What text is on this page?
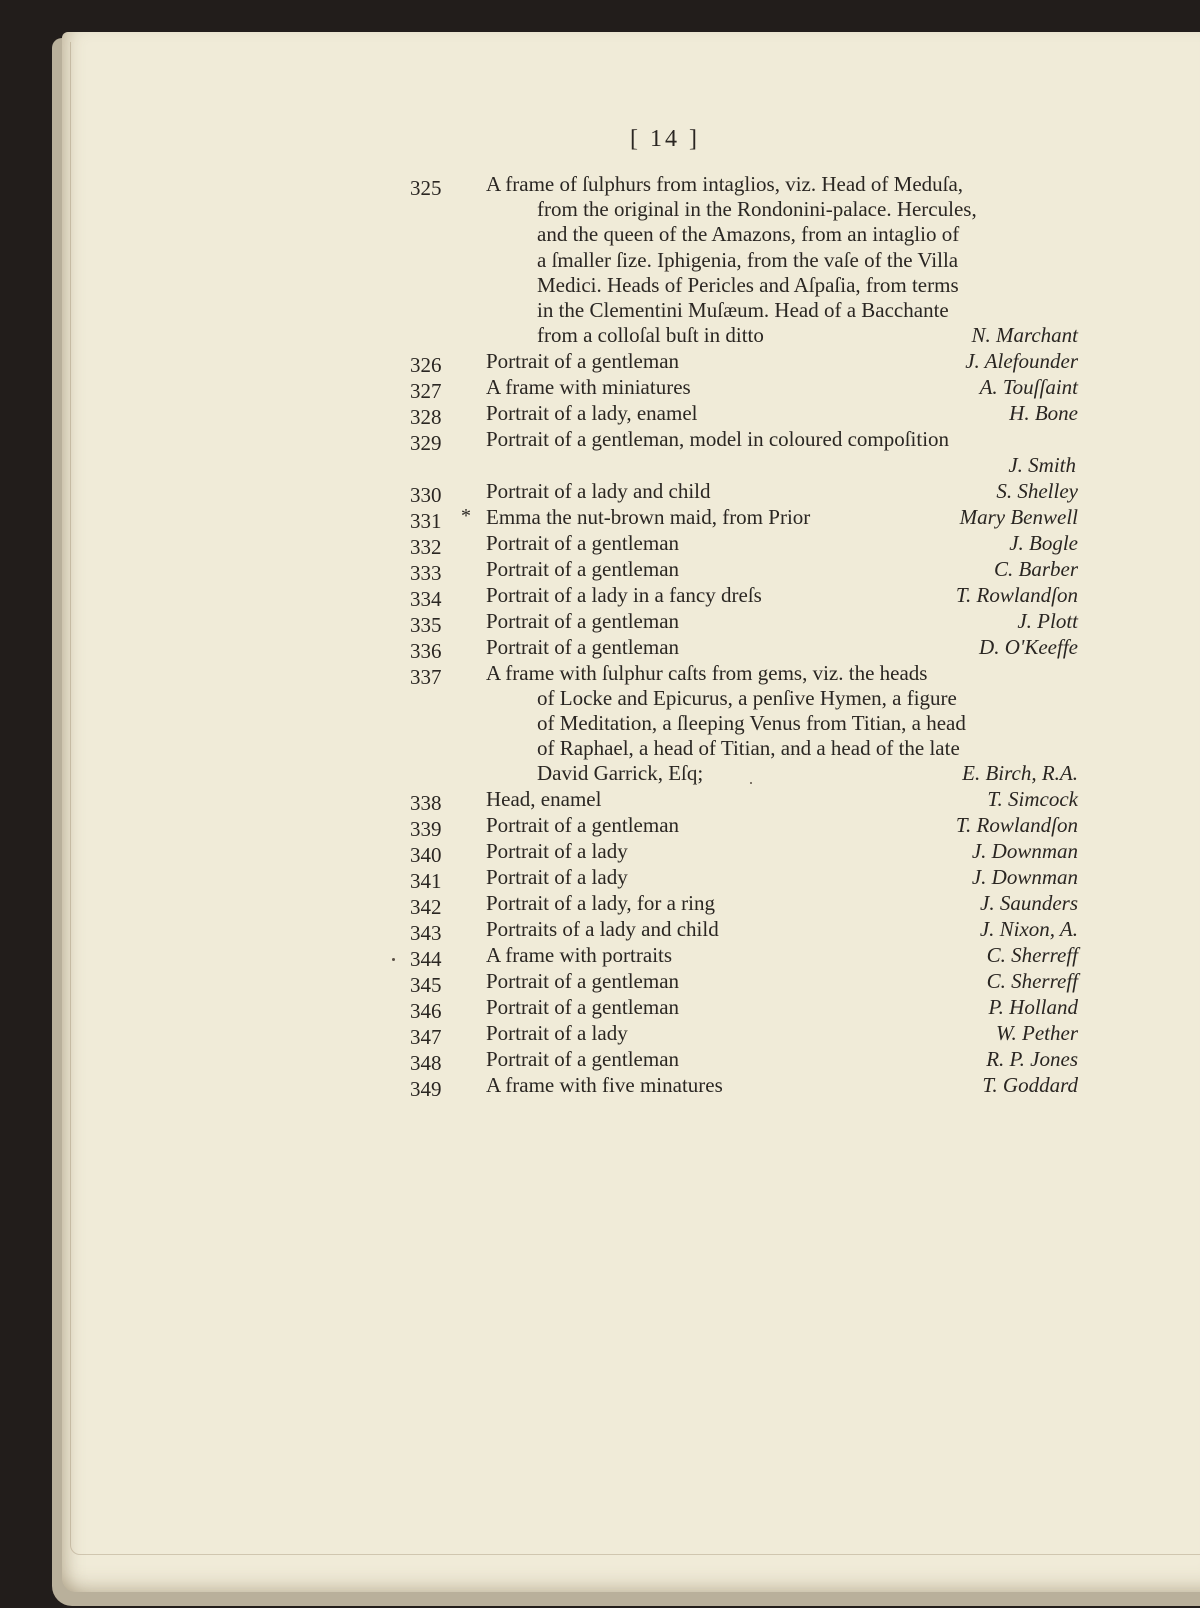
[ 14 ]
325	A frame of ſulphurs from intaglios, viz. Head of Meduſa,
from the original in the Rondonini-palace. Hercules,
and the queen of the Amazons, from an intaglio of
a ſmaller ſize. Iphigenia, from the vaſe of the Villa
Medici. Heads of Pericles and Aſpaſia, from terms
in the Clementini Muſæum. Head of a Bacchante
from a colloſal buſt in ditto	N. Marchant
326	Portrait of a gentleman	J. Alefounder
327	A frame with miniatures	A. Touſſaint
328	Portrait of a lady, enamel	H. Bone
329	Portrait of a gentleman, model in coloured compoſition
J. Smith
330	Portrait of a lady and child	S. Shelley
331 * Emma the nut-brown maid, from Prior	Mary Benwell
332	Portrait of a gentleman	J. Bogle
333	Portrait of a gentleman	C. Barber
334	Portrait of a lady in a fancy dreſs	T. Rowlandſon
335	Portrait of a gentleman	J. Plott
336	Portrait of a gentleman	D. O'Keeffe
337	A frame with ſulphur caſts from gems, viz. the heads
of Locke and Epicurus, a penſive Hymen, a figure
of Meditation, a ſleeping Venus from Titian, a head
of Raphael, a head of Titian, and a head of the late
David Garrick, Eſq;	E. Birch, R.A.
338	Head, enamel	T. Simcock
339	Portrait of a gentleman	T. Rowlandſon
340	Portrait of a lady	J. Downman
341	Portrait of a lady	J. Downman
342	Portrait of a lady, for a ring	J. Saunders
343	Portraits of a lady and child	J. Nixon, A.
344	A frame with portraits	C. Sherreff
345	Portrait of a gentleman	C. Sherreff
346	Portrait of a gentleman	P. Holland
347	Portrait of a lady	W. Pether
348	Portrait of a gentleman	R. P. Jones
349	A frame with five minatures	T. Goddard
